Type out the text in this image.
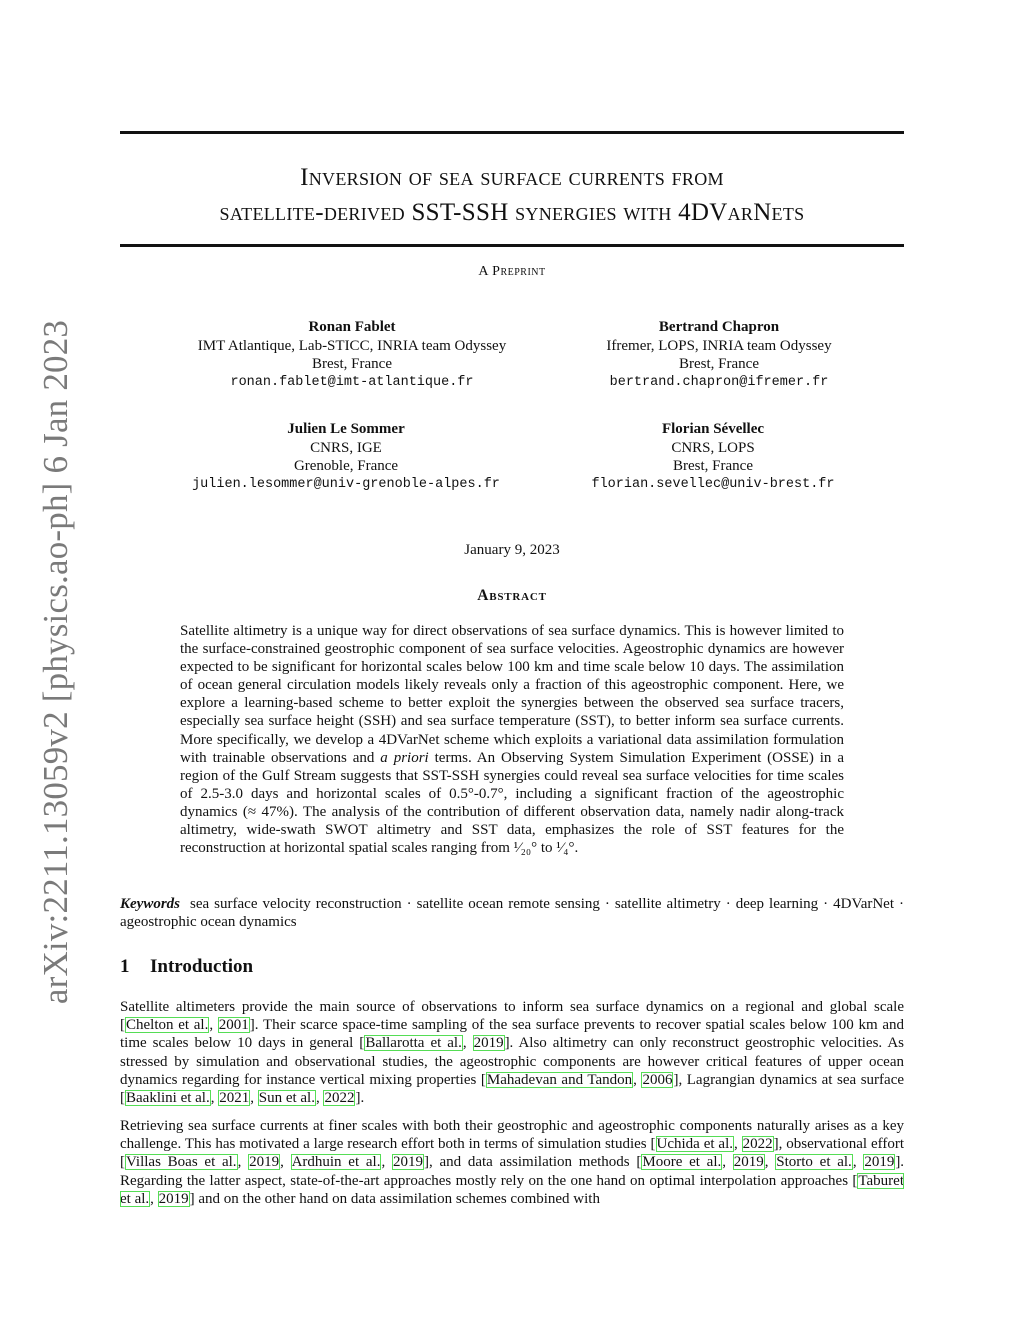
arXiv:2211.13059v2 [physics.ao-ph] 6 Jan 2023
Inversion of sea surface currents from
satellite-derived SST-SSH synergies with 4DVarNets
A Preprint
Ronan Fablet
IMT Atlantique, Lab-STICC, INRIA team Odyssey
Brest, France
ronan.fablet@imt-atlantique.fr
Bertrand Chapron
Ifremer, LOPS, INRIA team Odyssey
Brest, France
bertrand.chapron@ifremer.fr
Julien Le Sommer
CNRS, IGE
Grenoble, France
julien.lesommer@univ-grenoble-alpes.fr
Florian Sévellec
CNRS, LOPS
Brest, France
florian.sevellec@univ-brest.fr
January 9, 2023
Abstract
Satellite altimetry is a unique way for direct observations of sea surface dynamics. This is however limited to the surface-constrained geostrophic component of sea surface velocities. Ageostrophic dynamics are however expected to be significant for horizontal scales below 100 km and time scale below 10 days. The assimilation of ocean general circulation models likely reveals only a fraction of this ageostrophic component. Here, we explore a learning-based scheme to better exploit the synergies between the observed sea surface tracers, especially sea surface height (SSH) and sea surface temperature (SST), to better inform sea surface currents. More specifically, we develop a 4DVarNet scheme which exploits a variational data assimilation formulation with trainable observations and a priori terms. An Observing System Simulation Experiment (OSSE) in a region of the Gulf Stream suggests that SST-SSH synergies could reveal sea surface velocities for time scales of 2.5-3.0 days and horizontal scales of 0.5°-0.7°, including a significant fraction of the ageostrophic dynamics (≈ 47%). The analysis of the contribution of different observation data, namely nadir along-track altimetry, wide-swath SWOT altimetry and SST data, emphasizes the role of SST features for the reconstruction at horizontal spatial scales ranging from ¹⁄₂₀° to ¹⁄₄°.
Keywords sea surface velocity reconstruction · satellite ocean remote sensing · satellite altimetry · deep learning · 4DVarNet · ageostrophic ocean dynamics
1 Introduction
Satellite altimeters provide the main source of observations to inform sea surface dynamics on a regional and global scale [Chelton et al., 2001]. Their scarce space-time sampling of the sea surface prevents to recover spatial scales below 100 km and time scales below 10 days in general [Ballarotta et al., 2019]. Also altimetry can only reconstruct geostrophic velocities. As stressed by simulation and observational studies, the ageostrophic components are however critical features of upper ocean dynamics regarding for instance vertical mixing properties [Mahadevan and Tandon, 2006], Lagrangian dynamics at sea surface [Baaklini et al., 2021, Sun et al., 2022].
Retrieving sea surface currents at finer scales with both their geostrophic and ageostrophic components naturally arises as a key challenge. This has motivated a large research effort both in terms of simulation studies [Uchida et al., 2022], observational effort [Villas Boas et al., 2019, Ardhuin et al., 2019], and data assimilation methods [Moore et al., 2019, Storto et al., 2019]. Regarding the latter aspect, state-of-the-art approaches mostly rely on the one hand on optimal interpolation approaches [Taburet et al., 2019] and on the other hand on data assimilation schemes combined with
